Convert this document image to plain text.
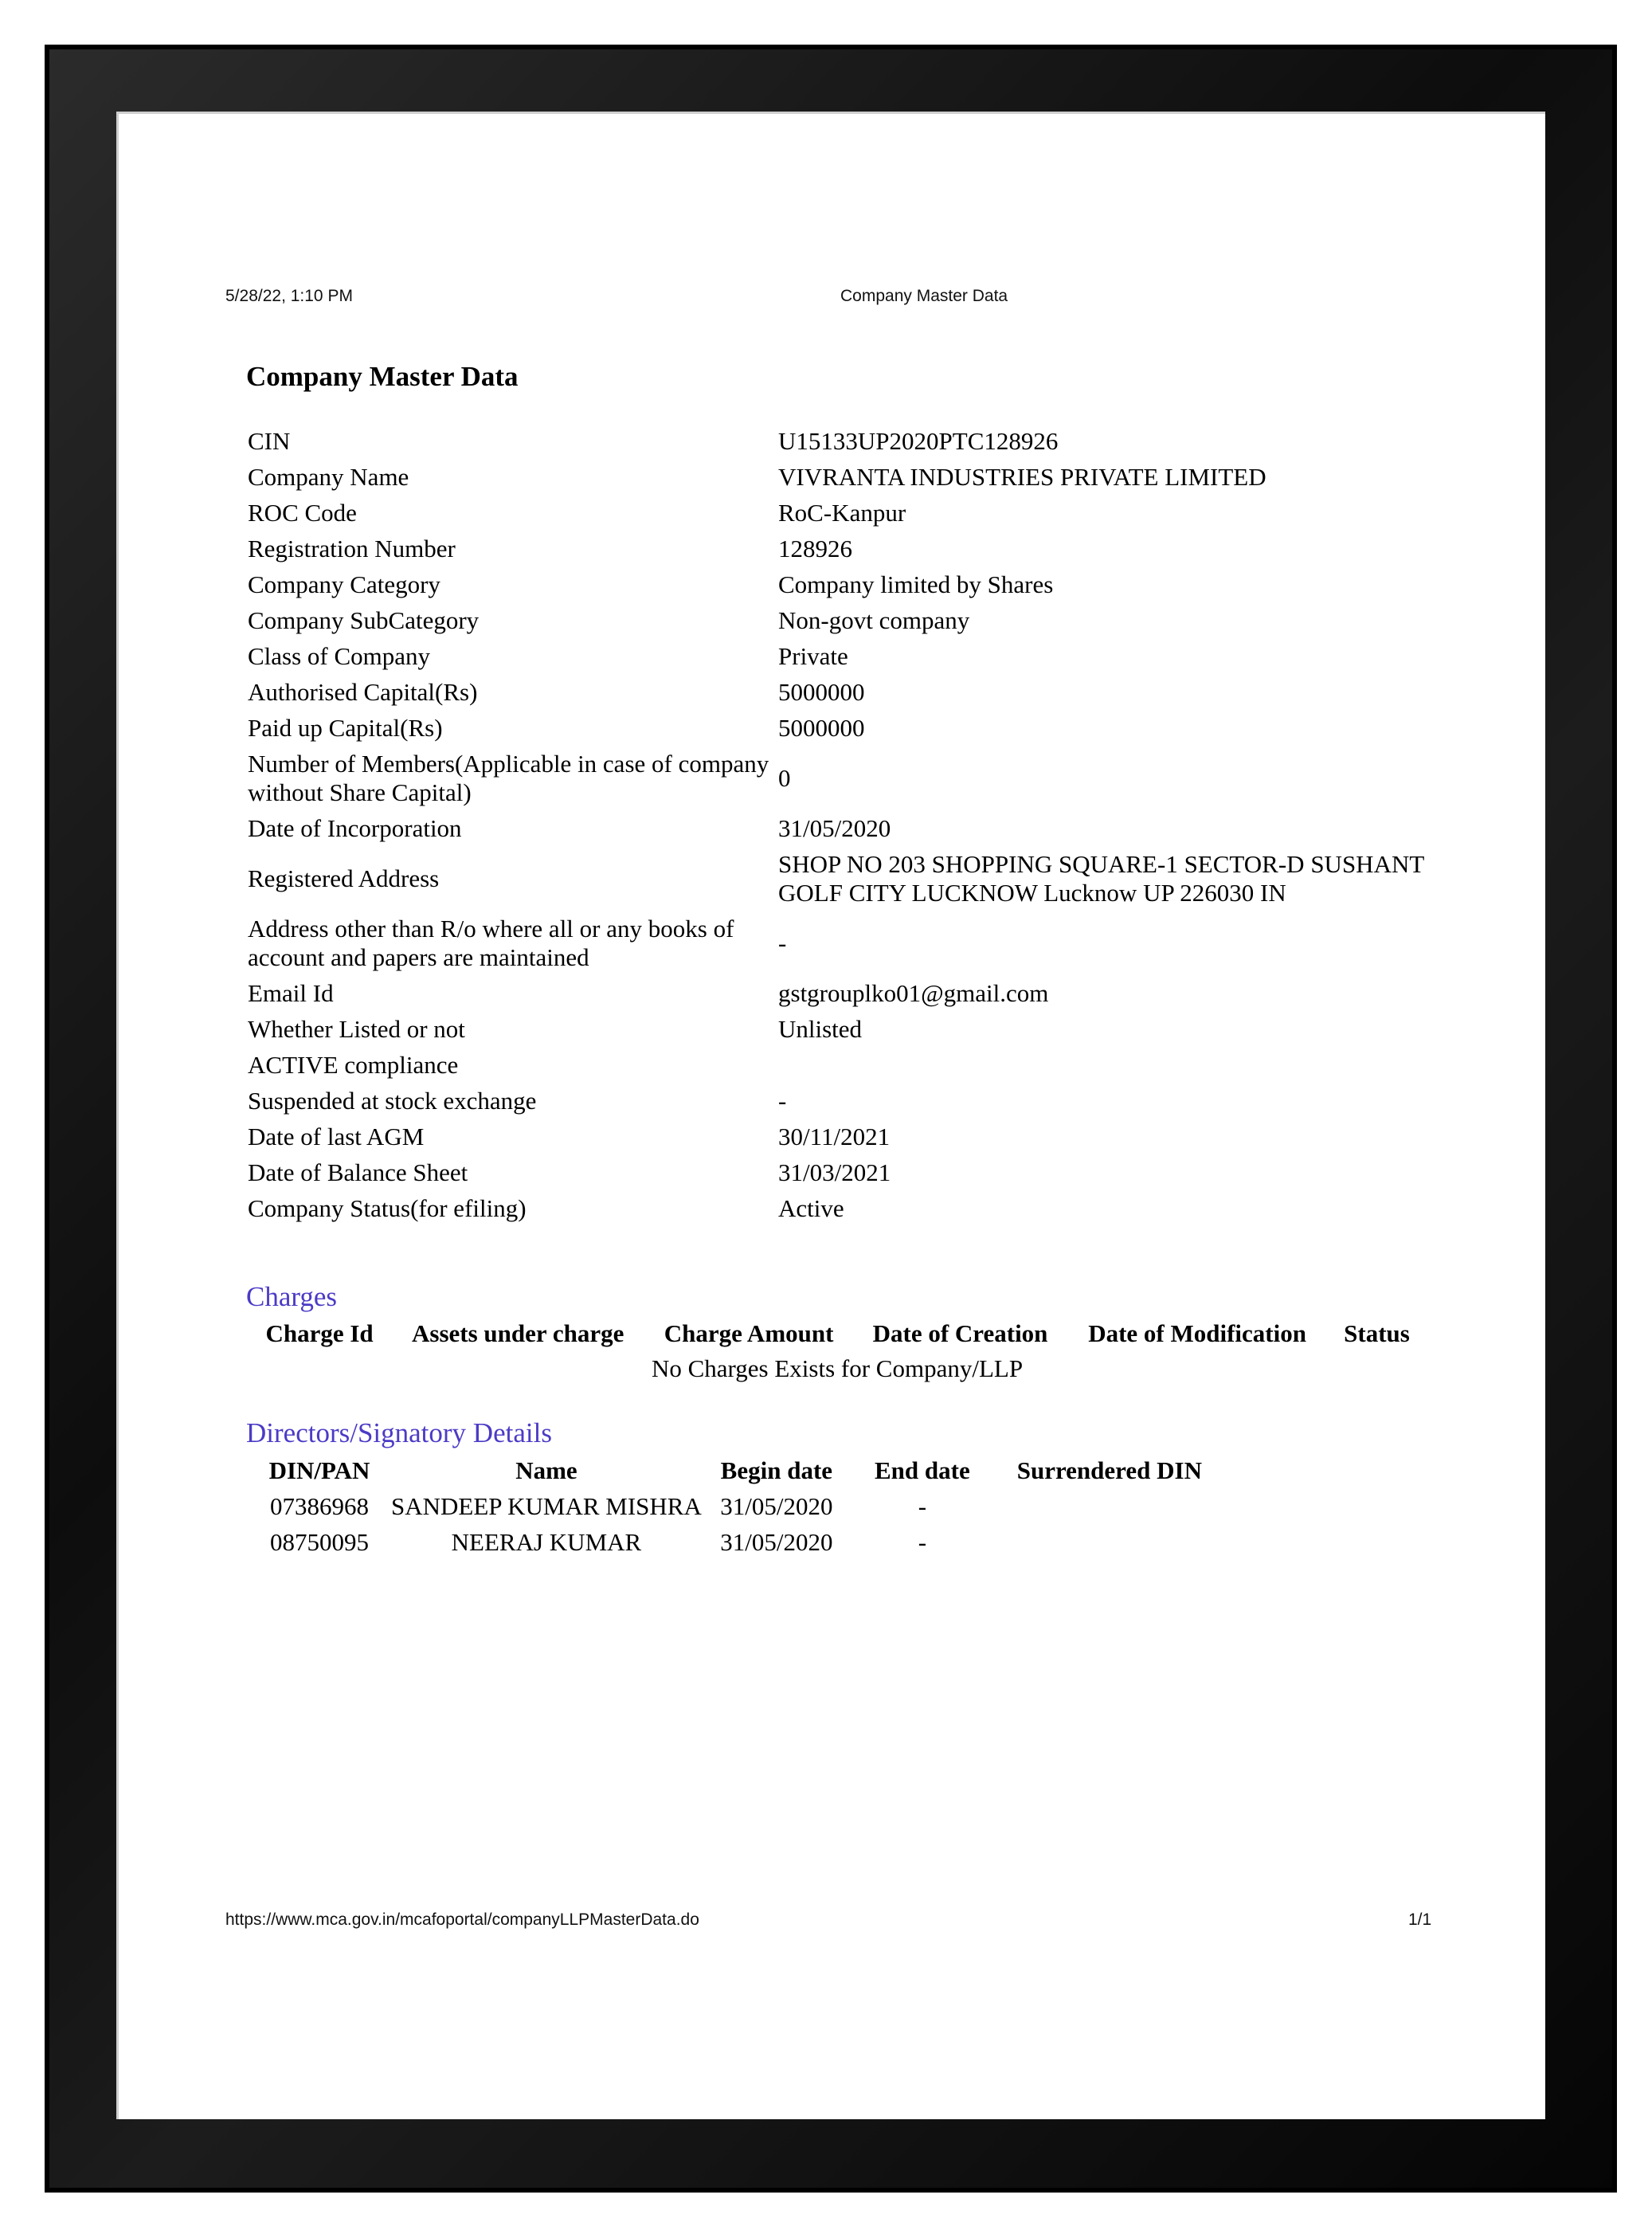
5/28/22, 1:10 PM	Company Master Data
Company Master Data
CIN	U15133UP2020PTC128926
Company Name	VIVRANTA INDUSTRIES PRIVATE LIMITED
ROC Code	RoC-Kanpur
Registration Number	128926
Company Category	Company limited by Shares
Company SubCategory	Non-govt company
Class of Company	Private
Authorised Capital(Rs)	5000000
Paid up Capital(Rs)	5000000
Number of Members(Applicable in case of company without Share Capital)	0
Date of Incorporation	31/05/2020
Registered Address	SHOP NO 203 SHOPPING SQUARE-1 SECTOR-D SUSHANT GOLF CITY LUCKNOW Lucknow UP 226030 IN
Address other than R/o where all or any books of account and papers are maintained	-
Email Id	gstgrouplko01@gmail.com
Whether Listed or not	Unlisted
ACTIVE compliance	
Suspended at stock exchange	-
Date of last AGM	30/11/2021
Date of Balance Sheet	31/03/2021
Company Status(for efiling)	Active
Charges
Charge Id	Assets under charge	Charge Amount	Date of Creation	Date of Modification	Status
No Charges Exists for Company/LLP
Directors/Signatory Details
DIN/PAN	Name	Begin date	End date	Surrendered DIN
07386968	SANDEEP KUMAR MISHRA	31/05/2020	-	
08750095	NEERAJ KUMAR	31/05/2020	-	
https://www.mca.gov.in/mcafoportal/companyLLPMasterData.do	1/1
